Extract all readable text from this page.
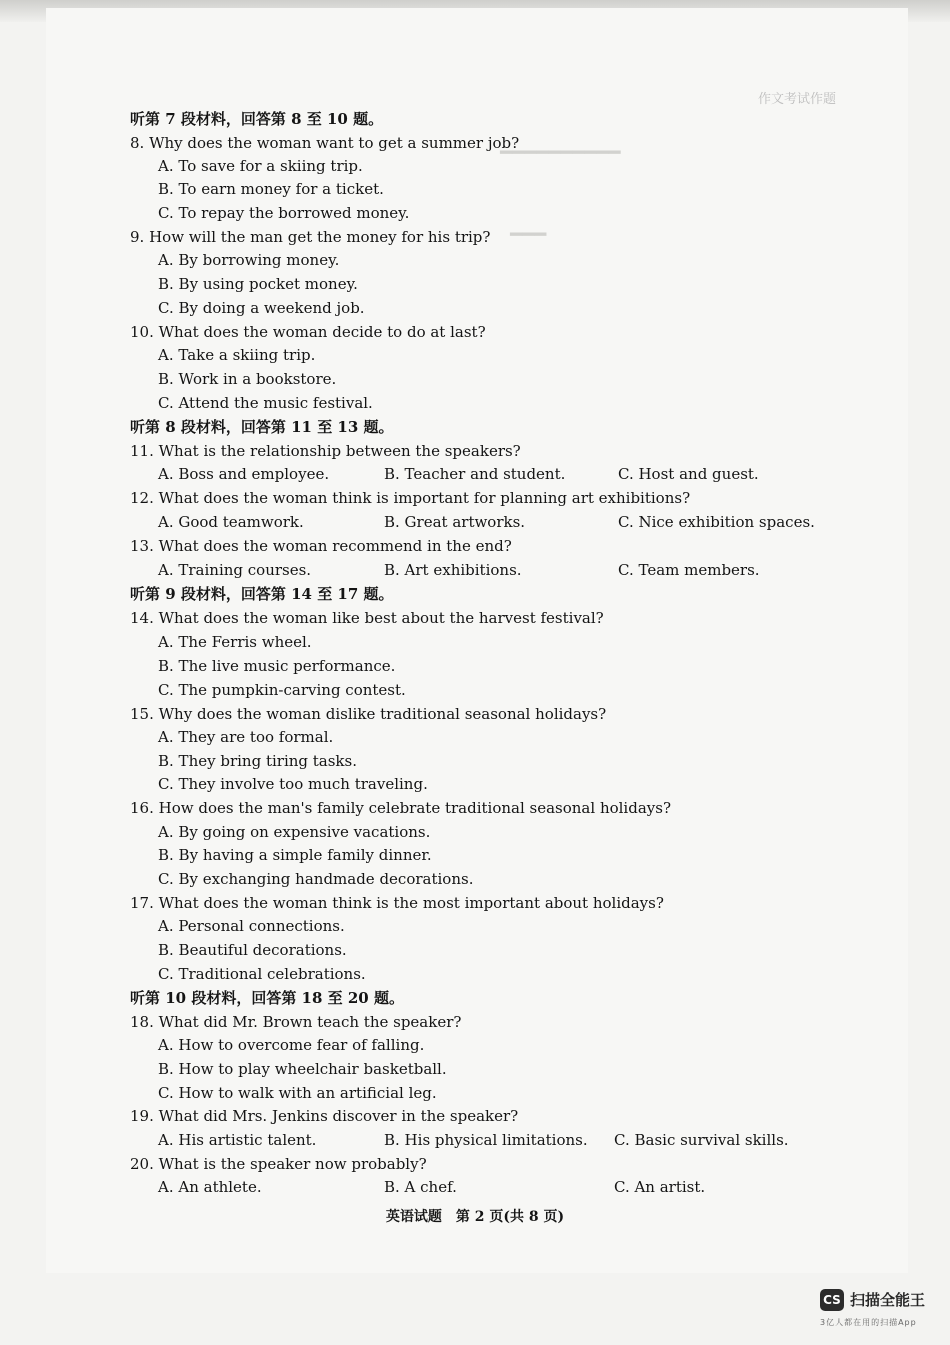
作文考试作题
━━━━━━━━━━
━━━
听第 7 段材料，回答第 8 至 10 题。
8. Why does the woman want to get a summer job?
A. To save for a skiing trip.
B. To earn money for a ticket.
C. To repay the borrowed money.
9. How will the man get the money for his trip?
A. By borrowing money.
B. By using pocket money.
C. By doing a weekend job.
10. What does the woman decide to do at last?
A. Take a skiing trip.
B. Work in a bookstore.
C. Attend the music festival.
听第 8 段材料，回答第 11 至 13 题。
11. What is the relationship between the speakers?
A. Boss and employee.	B. Teacher and student.	C. Host and guest.
12. What does the woman think is important for planning art exhibitions?
A. Good teamwork.	B. Great artworks.	C. Nice exhibition spaces.
13. What does the woman recommend in the end?
A. Training courses.	B. Art exhibitions.	C. Team members.
听第 9 段材料，回答第 14 至 17 题。
14. What does the woman like best about the harvest festival?
A. The Ferris wheel.
B. The live music performance.
C. The pumpkin-carving contest.
15. Why does the woman dislike traditional seasonal holidays?
A. They are too formal.
B. They bring tiring tasks.
C. They involve too much traveling.
16. How does the man's family celebrate traditional seasonal holidays?
A. By going on expensive vacations.
B. By having a simple family dinner.
C. By exchanging handmade decorations.
17. What does the woman think is the most important about holidays?
A. Personal connections.
B. Beautiful decorations.
C. Traditional celebrations.
听第 10 段材料，回答第 18 至 20 题。
18. What did Mr. Brown teach the speaker?
A. How to overcome fear of falling.
B. How to play wheelchair basketball.
C. How to walk with an artificial leg.
19. What did Mrs. Jenkins discover in the speaker?
A. His artistic talent.	B. His physical limitations. C. Basic survival skills.
20. What is the speaker now probably?
A. An athlete.	B. A chef.	C. An artist.
英语试题　第 2 页(共 8 页)
CS 扫描全能王
3亿人都在用的扫描App
